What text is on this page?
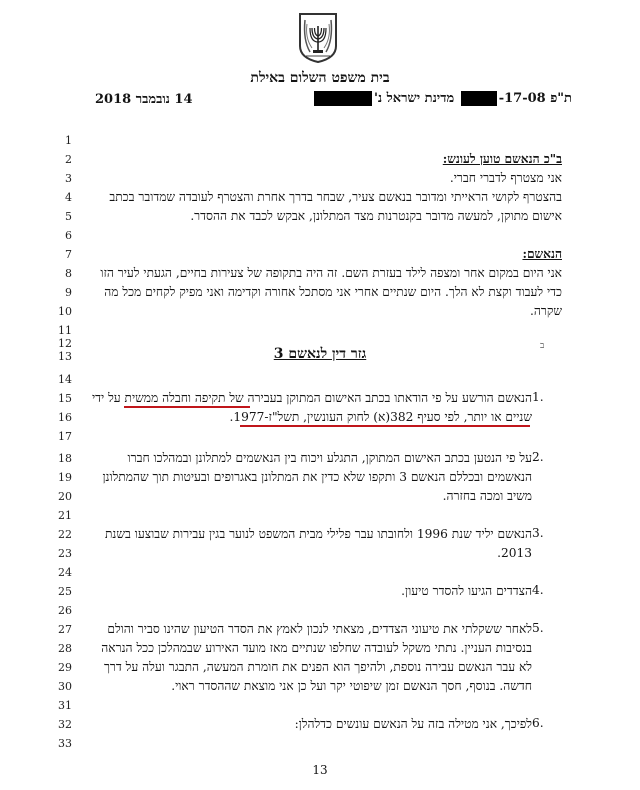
בית משפט השלום באילת
ת"פ 17-08- מדינת ישראל נ'
14 נובמבר 2018
ב
1
2
3
4
5
6
7
8
9
10
11
12
13
14
15
16
17
18
19
20
21
22
23
24
25
26
27
28
29
30
31
32
33
ב"כ הנאשם טוען לעונש:
אני מצטרף לדברי חברי.
בהצטרף לקושי הראייתי ומדובר בנאשם צעיר, שבחר בדרך אחרת והצטרף לעובדה שמדובר בכתב
אישום מתוקן, למעשה מדובר בקנטרנות מצד המתלונן, אבקש לכבד את ההסדר.
הנאשם:
אני היום במקום אחר ומצפה לילד בעזרת השם. זה היה בתקופה של צעירות בחיים, הגעתי לעיר הזו
כדי לעבוד וקצת לא הלך. היום שנתיים אחרי אני מסתכל אחורה וקדימה ואני מפיק לקחים מכל מה
שקרה.
גזר דין לנאשם 3
1.
הנאשם הורשע על פי הודאתו בכתב האישום המתוקן בעבירה של תקיפה וחבלה ממשית על ידי
שניים או יותר, לפי סעיף 382(א) לחוק העונשין, תשל"ז-1977.
2.
על פי הנטען בכתב האישום המתוקן, התגלע ויכוח בין הנאשמים למתלונן ובמהלכו חברו
הנאשמים ובכללם הנאשם 3 ותקפו שלא כדין את המתלונן באגרופים ובעיטות תוך שהמתלונן
משיב ומכה בחזרה.
3.
הנאשם יליד שנת 1996 ולחובתו עבר פלילי מבית המשפט לנוער בגין עבירות שבוצעו בשנת
2013.
4.
הצדדים הגיעו להסדר טיעון.
5.
לאחר ששקלתי את טיעוני הצדדים, מצאתי לנכון לאמץ את הסדר הטיעון שהינו סביר והולם
בנסיבות העניין. נתתי משקל לעובדה שחלפו שנתיים מאז מועד האירוע שבמהלכן ככל הנראה
לא עבר הנאשם עבירה נוספת, ולהיפך הוא הפנים את חומרת המעשה, התבגר ועלה על דרך
חדשה. בנוסף, חסך הנאשם זמן שיפוטי יקר ועל כן אני מוצאת שההסדר ראוי.
6.
לפיכך, אני מטילה בזה על הנאשם עונשים כדלהלן:
13
